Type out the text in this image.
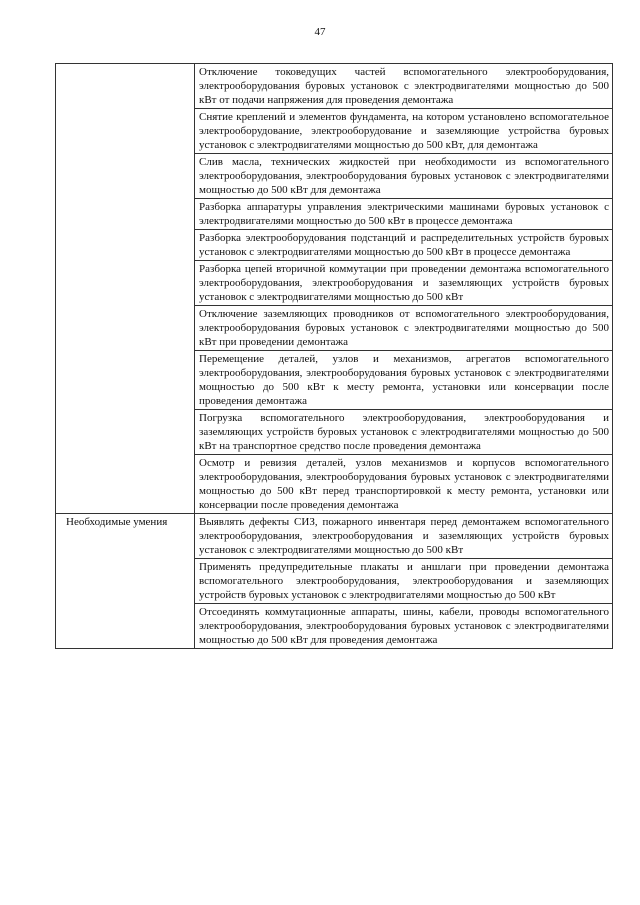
47
	Отключение токоведущих частей вспомогательного электрооборудования, электрооборудования буровых установок с электродвигателями мощностью до 500 кВт от подачи напряжения для проведения демонтажа
	Снятие креплений и элементов фундамента, на котором установлено вспомогательное электрооборудование, электрооборудование и заземляющие устройства буровых установок с электродвигателями мощностью до 500 кВт, для демонтажа
	Слив масла, технических жидкостей при необходимости из вспомогательного электрооборудования, электрооборудования буровых установок с электродвигателями мощностью до 500 кВт для демонтажа
	Разборка аппаратуры управления электрическими машинами буровых установок с электродвигателями мощностью до 500 кВт в процессе демонтажа
	Разборка электрооборудования подстанций и распределительных устройств буровых установок с электродвигателями мощностью до 500 кВт в процессе демонтажа
	Разборка цепей вторичной коммутации при проведении демонтажа вспомогательного электрооборудования, электрооборудования и заземляющих устройств буровых установок с электродвигателями мощностью до 500 кВт
	Отключение заземляющих проводников от вспомогательного электрооборудования, электрооборудования буровых установок с электродвигателями мощностью до 500 кВт при проведении демонтажа
	Перемещение деталей, узлов и механизмов, агрегатов вспомогательного электрооборудования, электрооборудования буровых установок с электродвигателями мощностью до 500 кВт к месту ремонта, установки или консервации после проведения демонтажа
	Погрузка вспомогательного электрооборудования, электрооборудования и заземляющих устройств буровых установок с электродвигателями мощностью до 500 кВт на транспортное средство после проведения демонтажа
	Осмотр и ревизия деталей, узлов механизмов и корпусов вспомогательного электрооборудования, электрооборудования буровых установок с электродвигателями мощностью до 500 кВт перед транспортировкой к месту ремонта, установки или консервации после проведения демонтажа

Необходимые умения	Выявлять дефекты СИЗ, пожарного инвентаря перед демонтажем вспомогательного электрооборудования, электрооборудования и заземляющих устройств буровых установок с электродвигателями мощностью до 500 кВт
	Применять предупредительные плакаты и аншлаги при проведении демонтажа вспомогательного электрооборудования, электрооборудования и заземляющих устройств буровых установок с электродвигателями мощностью до 500 кВт
	Отсоединять коммутационные аппараты, шины, кабели, проводы вспомогательного электрооборудования, электрооборудования буровых установок с электродвигателями мощностью до 500 кВт для проведения демонтажа
